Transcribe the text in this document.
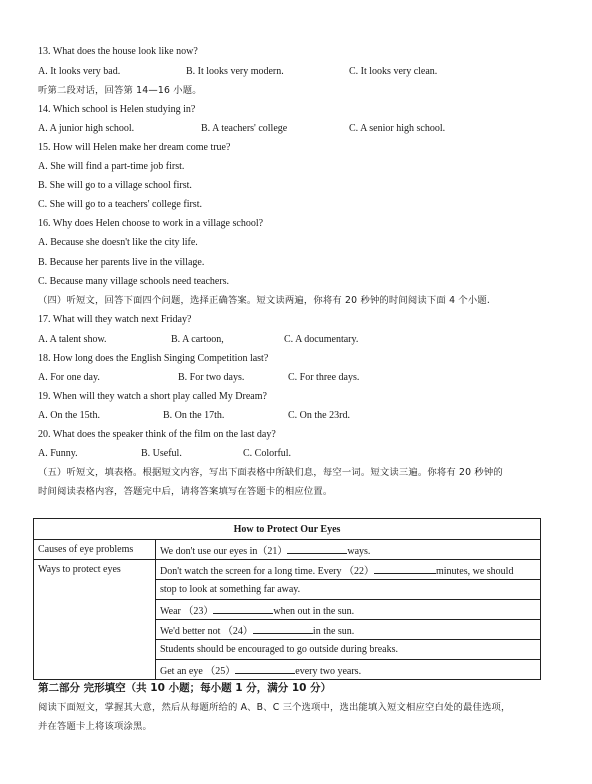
13. What does the house look like now?
A. It looks very bad.	B. It looks very modern.	C. It looks very clean.
听第二段对话，回答第 14—16 小题。
14. Which school is Helen studying in?
A. A junior high school.	B. A teachers' college	C. A senior high school.
15. How will Helen make her dream come true?
A. She will find a part-time job first.
B. She will go to a village school first.
C. She will go to a teachers' college first.
16. Why does Helen choose to work in a village school?
A. Because she doesn't like the city life.
B. Because her parents live in the village.
C. Because many village schools need teachers.
（四）听短文，回答下面四个问题，选择正确答案。短文读两遍，你将有 20 秒钟的时间阅读下面 4 个小题.
17. What will they watch next Friday?
A. A talent show.	B. A cartoon,	C. A documentary.
18. How long does the English Singing Competition last?
A. For one day.	B. For two days.	C. For three days.
19. When will they watch a short play called My Dream?
A. On the 15th.	B. On the 17th.	C. On the 23rd.
20. What does the speaker think of the film on the last day?
A. Funny.	B. Useful.	C. Colorful.
（五）听短文，填表格。根据短文内容，写出下面表格中所缺们息，每空一词。短文读三遍。你将有 20 秒钟的
时间阅读表格内容，答题完中后，请将答案填写在答题卡的相应位置。
How to Protect Our Eyes	
Causes of eye problems	We don't use our eyes in（21） ways.
Ways to protect eyes	Don't watch the screen for a long time. Every （22） minutes, we should
	stop to look at something far away.
	Wear （23） when out in the sun.
	We'd better not （24） in the sun.
	Students should be encouraged to go outside during breaks.
	Get an eye （25） every two years.
第二部分 完形填空（共 10 小题；每小题 1 分，满分 10 分）
阅读下面短文，掌握其大意，然后从每题所给的 A、B、C 三个选项中，选出能填入短文相应空白处的最佳选项，
并在答题卡上将该项涂黑。
